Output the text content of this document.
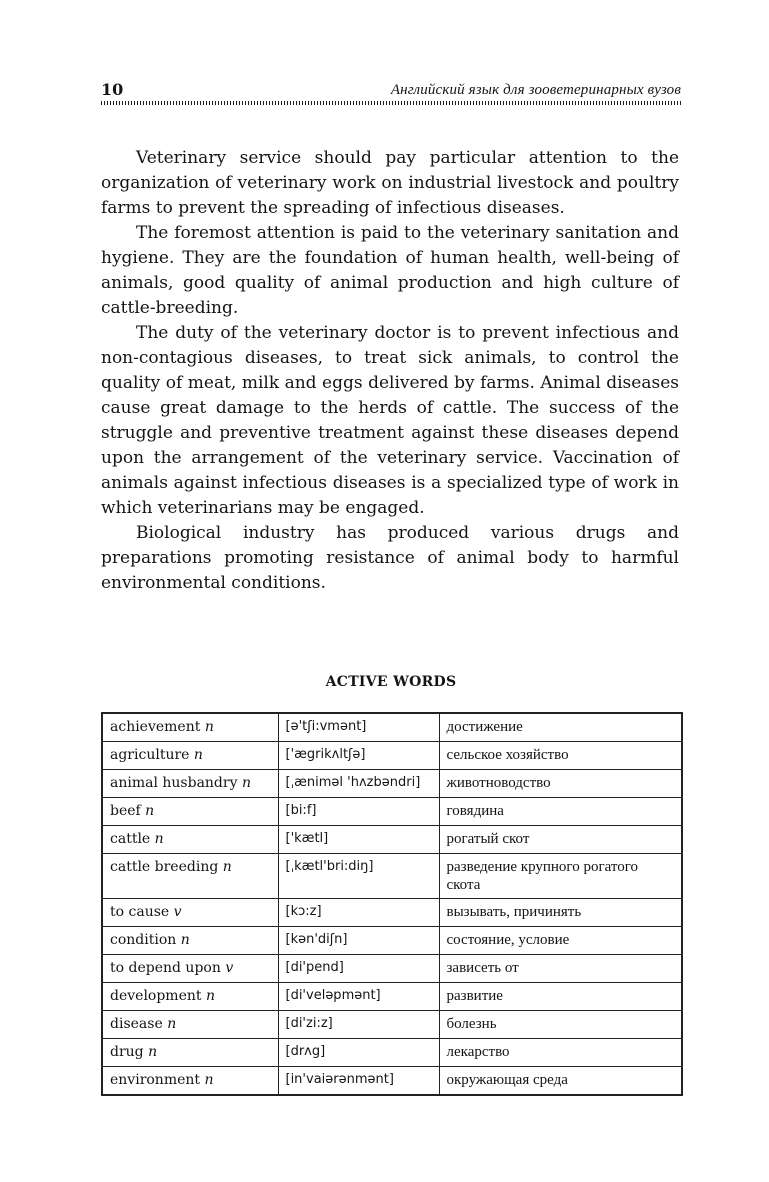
10	Английский язык для зооветеринарных вузов

Veterinary service should pay particular attention to the organization of veterinary work on industrial livestock and poultry farms to prevent the spreading of infectious diseases.

The foremost attention is paid to the veterinary sanitation and hygiene. They are the foundation of human health, well-being of animals, good quality of animal production and high culture of cattle-breeding.

The duty of the veterinary doctor is to prevent infectious and non-contagious diseases, to treat sick animals, to control the quality of meat, milk and eggs delivered by farms. Animal diseases cause great damage to the herds of cattle. The success of the struggle and preventive treatment against these diseases depend upon the arrangement of the veterinary service. Vaccination of animals against infectious diseases is a specialized type of work in which veterinarians may be engaged.

Biological industry has produced various drugs and preparations promoting resistance of animal body to harmful environmental conditions.

ACTIVE WORDS
achievement n	[ə'tʃi:vmənt]	достижение
agriculture n	['ægrikʌltʃə]	сельское хозяйство
animal husbandry n	[ˌænimәl 'hʌzbәndri]	животноводство
beef n	[bi:f]	говядина
cattle n	['kætl]	рогатый скот
cattle breeding n	[ˌkætl'bri:diŋ]	разведение крупного рогатого скота
to cause v	[kɔ:z]	вызывать, причинять
condition n	[kәn'diʃn]	состояние, условие
to depend upon v	[di'pend]	зависеть от
development n	[di'velәpmәnt]	развитие
disease n	[di'zi:z]	болезнь
drug n	[drʌg]	лекарство
environment n	[in'vaiәrәnmәnt]	окружающая среда
